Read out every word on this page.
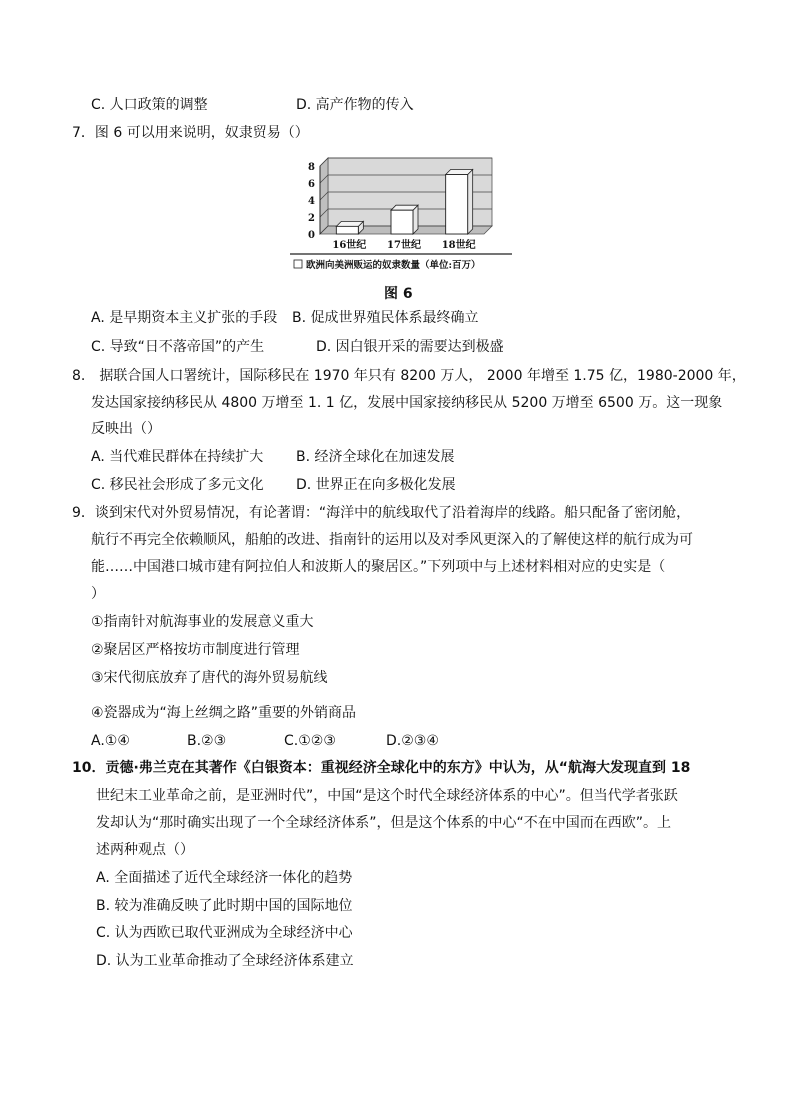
C. 人口政策的调整	D. 高产作物的传入
7．图 6 可以用来说明，奴隶贸易（）
0
2
4
6
8
16世纪 17世纪 18世纪
欧洲向美洲贩运的奴隶数量（单位:百万）
图 6
A. 是早期资本主义扩张的手段 B. 促成世界殖民体系最终确立
C. 导致“日不落帝国”的产生	D. 因白银开采的需要达到极盛
8.　据联合国人口署统计，国际移民在 1970 年只有 8200 万人， 2000 年增至 1.75 亿，1980-2000 年，
发达国家接纳移民从 4800 万增至 1. 1 亿，发展中国家接纳移民从 5200 万增至 6500 万。这一现象
反映出（）
A. 当代难民群体在持续扩大 B. 经济全球化在加速发展
C. 移民社会形成了多元文化 D. 世界正在向多极化发展
9．谈到宋代对外贸易情况，有论著谓：“海洋中的航线取代了沿着海岸的线路。船只配备了密闭舱，
航行不再完全依赖顺风，船舶的改进、指南针的运用以及对季风更深入的了解使这样的航行成为可
能……中国港口城市建有阿拉伯人和波斯人的聚居区。”下列项中与上述材料相对应的史实是（
）
①指南针对航海事业的发展意义重大
②聚居区严格按坊市制度进行管理
③宋代彻底放弃了唐代的海外贸易航线
④瓷器成为“海上丝绸之路”重要的外销商品
A.①④	B.②③	C.①②③	D.②③④
10．贡德·弗兰克在其著作《白银资本：重视经济全球化中的东方》中认为，从“航海大发现直到 18
世纪末工业革命之前，是亚洲时代”，中国“是这个时代全球经济体系的中心”。但当代学者张跃
发却认为“那时确实出现了一个全球经济体系”，但是这个体系的中心“不在中国而在西欧”。上
述两种观点（）
A. 全面描述了近代全球经济一体化的趋势
B. 较为准确反映了此时期中国的国际地位
C. 认为西欧已取代亚洲成为全球经济中心
D. 认为工业革命推动了全球经济体系建立
